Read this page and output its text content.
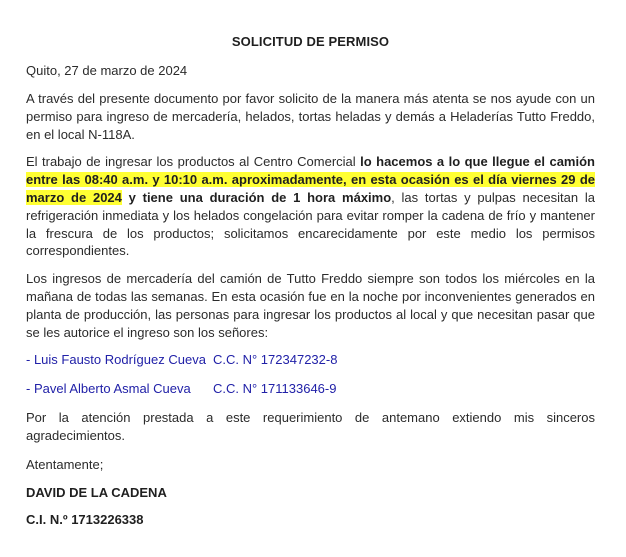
SOLICITUD DE PERMISO
Quito, 27 de marzo de 2024

A través del presente documento por favor solicito de la manera más atenta se nos ayude con un permiso para ingreso de mercadería, helados, tortas heladas y demás a Heladerías Tutto Freddo, en el local N-118A.

El trabajo de ingresar los productos al Centro Comercial lo hacemos a lo que llegue el camión entre las 08:40 a.m. y 10:10 a.m. aproximadamente, en esta ocasión es el día viernes 29 de marzo de 2024 y tiene una duración de 1 hora máximo, las tortas y pulpas necesitan la refrigeración inmediata y los helados congelación para evitar romper la cadena de frío y mantener la frescura de los productos; solicitamos encarecidamente por este medio los permisos correspondientes.

Los ingresos de mercadería del camión de Tutto Freddo siempre son todos los miércoles en la mañana de todas las semanas. En esta ocasión fue en la noche por inconvenientes generados en planta de producción, las personas para ingresar los productos al local y que necesitan pasar que se les autorice el ingreso son los señores:

- Luis Fausto Rodríguez Cueva C.C. N° 172347232-8
- Pavel Alberto Asmal Cueva C.C. N° 171133646-9

Por la atención prestada a este requerimiento de antemano extiendo mis sinceros agradecimientos.

Atentamente;
DAVID DE LA CADENA
C.I. N.º 1713226338
